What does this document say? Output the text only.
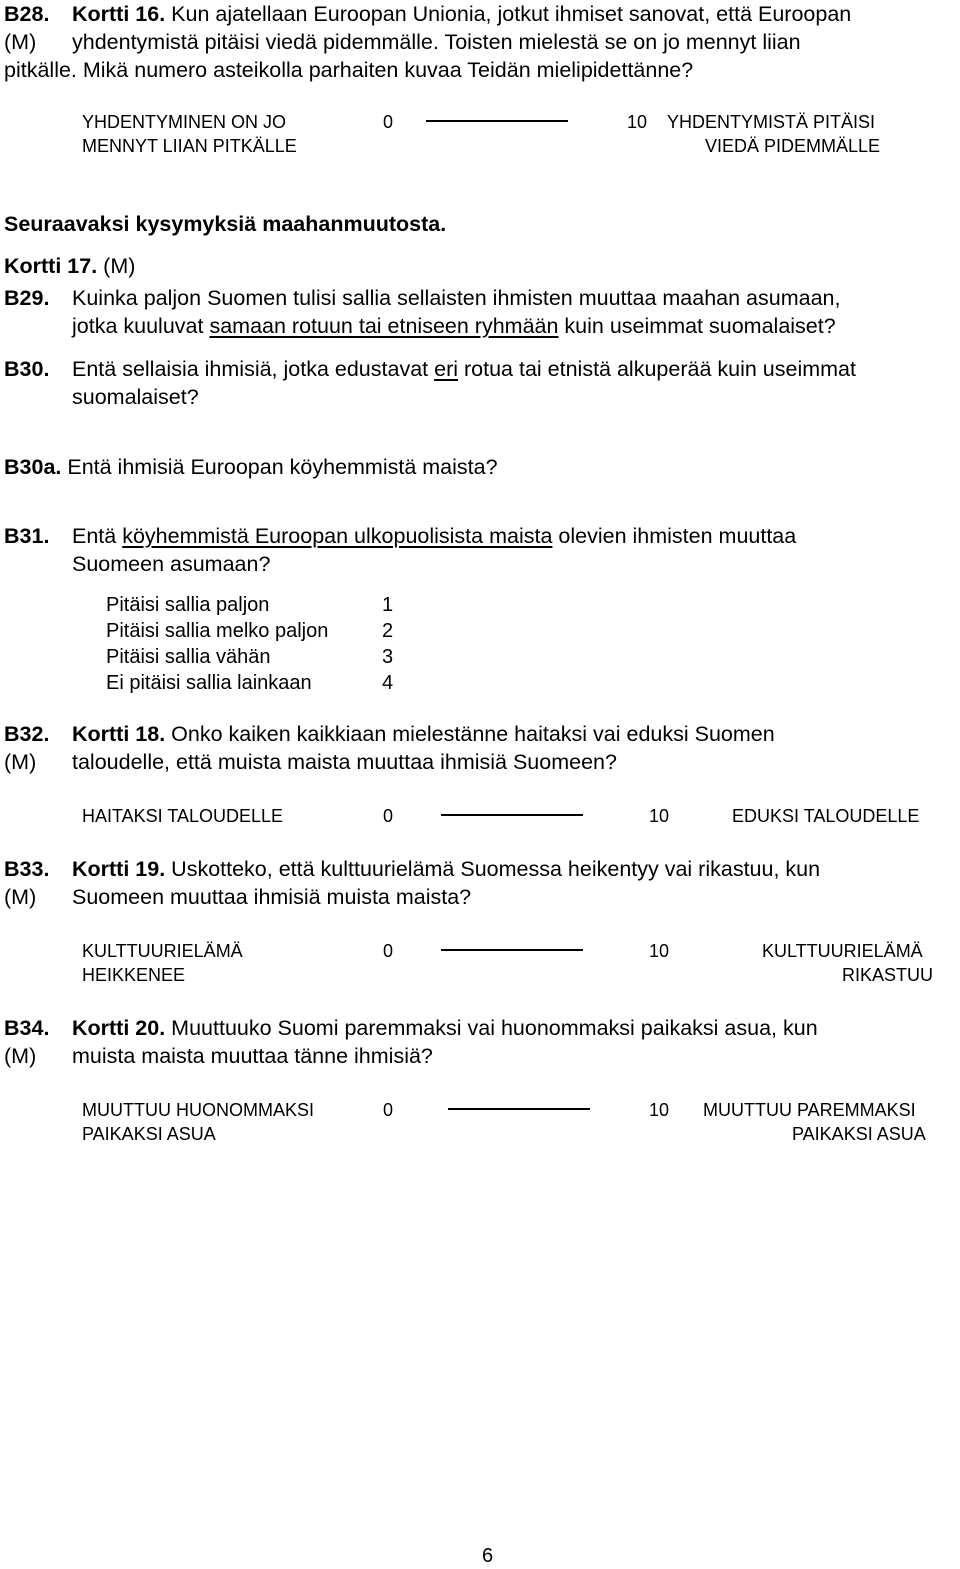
B28.
(M)
Kortti 16. Kun ajatellaan Euroopan Unionia, jotkut ihmiset sanovat, että Euroopan
yhdentymistä pitäisi viedä pidemmälle. Toisten mielestä se on jo mennyt liian
pitkälle. Mikä numero asteikolla parhaiten kuvaa Teidän mielipidettänne?
YHDENTYMINEN ON JO
MENNYT LIIAN PITKÄLLE
0	10 YHDENTYMISTÄ PITÄISI
VIEDÄ PIDEMMÄLLE
Seuraavaksi kysymyksiä maahanmuutosta.
Kortti 17. (M)
B29. Kuinka paljon Suomen tulisi sallia sellaisten ihmisten muuttaa maahan asumaan,
jotka kuuluvat samaan rotuun tai etniseen ryhmään kuin useimmat suomalaiset?
B30. Entä sellaisia ihmisiä, jotka edustavat eri rotua tai etnistä alkuperää kuin useimmat
suomalaiset?
B30a. Entä ihmisiä Euroopan köyhemmistä maista?
B31. Entä köyhemmistä Euroopan ulkopuolisista maista olevien ihmisten muuttaa
Suomeen asumaan?
Pitäisi sallia paljon	1
Pitäisi sallia melko paljon	2
Pitäisi sallia vähän	3
Ei pitäisi sallia lainkaan	4
B32.
(M)
Kortti 18. Onko kaiken kaikkiaan mielestänne haitaksi vai eduksi Suomen
taloudelle, että muista maista muuttaa ihmisiä Suomeen?
HAITAKSI TALOUDELLE	0	10	EDUKSI TALOUDELLE
B33.
(M)
Kortti 19. Uskotteko, että kulttuurielämä Suomessa heikentyy vai rikastuu, kun
Suomeen muuttaa ihmisiä muista maista?
KULTTUURIELÄMÄ
HEIKKENEE
0	10	KULTTUURIELÄMÄ
RIKASTUU
B34.
(M)
Kortti 20. Muuttuuko Suomi paremmaksi vai huonommaksi paikaksi asua, kun
muista maista muuttaa tänne ihmisiä?
MUUTTUU HUONOMMAKSI
PAIKAKSI ASUA
0	10 MUUTTUU PAREMMAKSI
PAIKAKSI ASUA
6
